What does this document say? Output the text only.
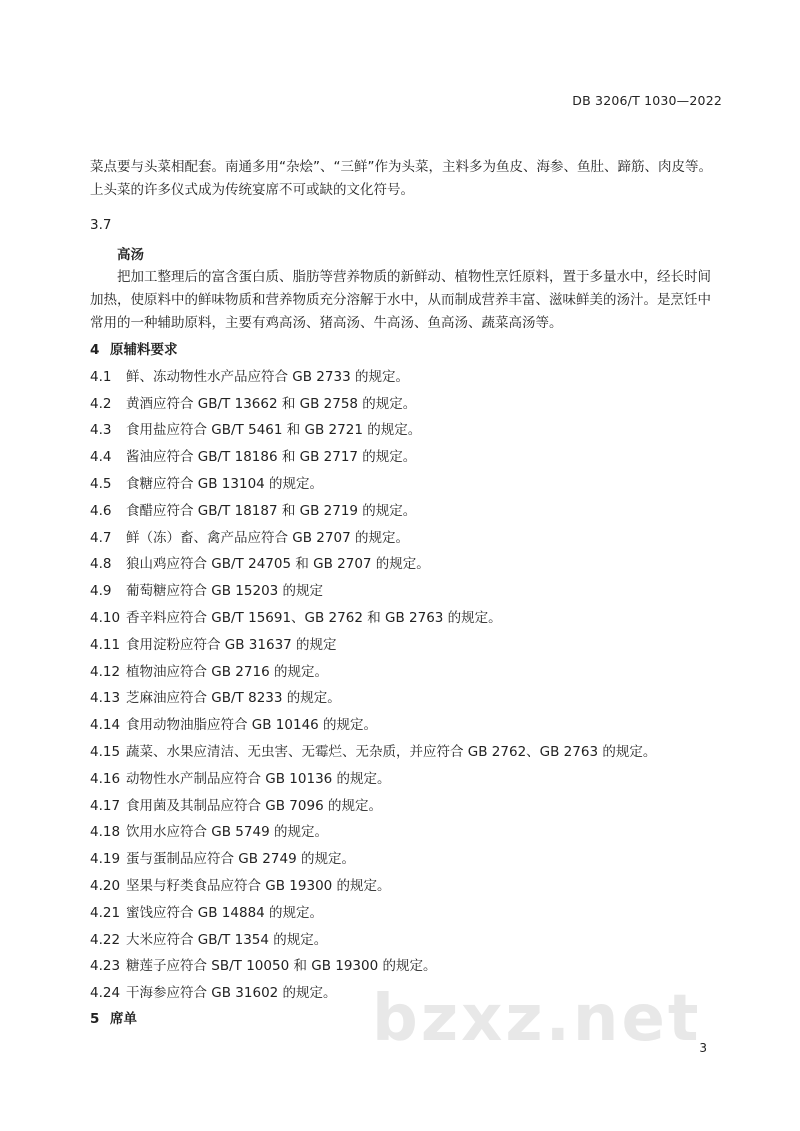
DB 3206/T 1030—2022

菜点要与头菜相配套。南通多用“杂烩”、“三鲜”作为头菜，主料多为鱼皮、海参、鱼肚、蹄筋、肉皮等。上头菜的许多仪式成为传统宴席不可或缺的文化符号。

3.7
高汤

把加工整理后的富含蛋白质、脂肪等营养物质的新鲜动、植物性烹饪原料，置于多量水中，经长时间加热，使原料中的鲜味物质和营养物质充分溶解于水中，从而制成营养丰富、滋味鲜美的汤汁。是烹饪中常用的一种辅助原料，主要有鸡高汤、猪高汤、牛高汤、鱼高汤、蔬菜高汤等。

4 原辅料要求
4.1 鲜、冻动物性水产品应符合 GB 2733 的规定。
4.2 黄酒应符合 GB/T 13662 和 GB 2758 的规定。
4.3 食用盐应符合 GB/T 5461 和 GB 2721 的规定。
4.4 酱油应符合 GB/T 18186 和 GB 2717 的规定。
4.5 食糖应符合 GB 13104 的规定。
4.6 食醋应符合 GB/T 18187 和 GB 2719 的规定。
4.7 鲜（冻）畜、禽产品应符合 GB 2707 的规定。
4.8 狼山鸡应符合 GB/T 24705 和 GB 2707 的规定。
4.9 葡萄糖应符合 GB 15203 的规定
4.10 香辛料应符合 GB/T 15691、GB 2762 和 GB 2763 的规定。
4.11 食用淀粉应符合 GB 31637 的规定
4.12 植物油应符合 GB 2716 的规定。
4.13 芝麻油应符合 GB/T 8233 的规定。
4.14 食用动物油脂应符合 GB 10146 的规定。
4.15 蔬菜、水果应清洁、无虫害、无霉烂、无杂质，并应符合 GB 2762、GB 2763 的规定。
4.16 动物性水产制品应符合 GB 10136 的规定。
4.17 食用菌及其制品应符合 GB 7096 的规定。
4.18 饮用水应符合 GB 5749 的规定。
4.19 蛋与蛋制品应符合 GB 2749 的规定。
4.20 坚果与籽类食品应符合 GB 19300 的规定。
4.21 蜜饯应符合 GB 14884 的规定。
4.22 大米应符合 GB/T 1354 的规定。
4.23 糖莲子应符合 SB/T 10050 和 GB 19300 的规定。
4.24 干海参应符合 GB 31602 的规定。
5 席单	bzxz.net
3
